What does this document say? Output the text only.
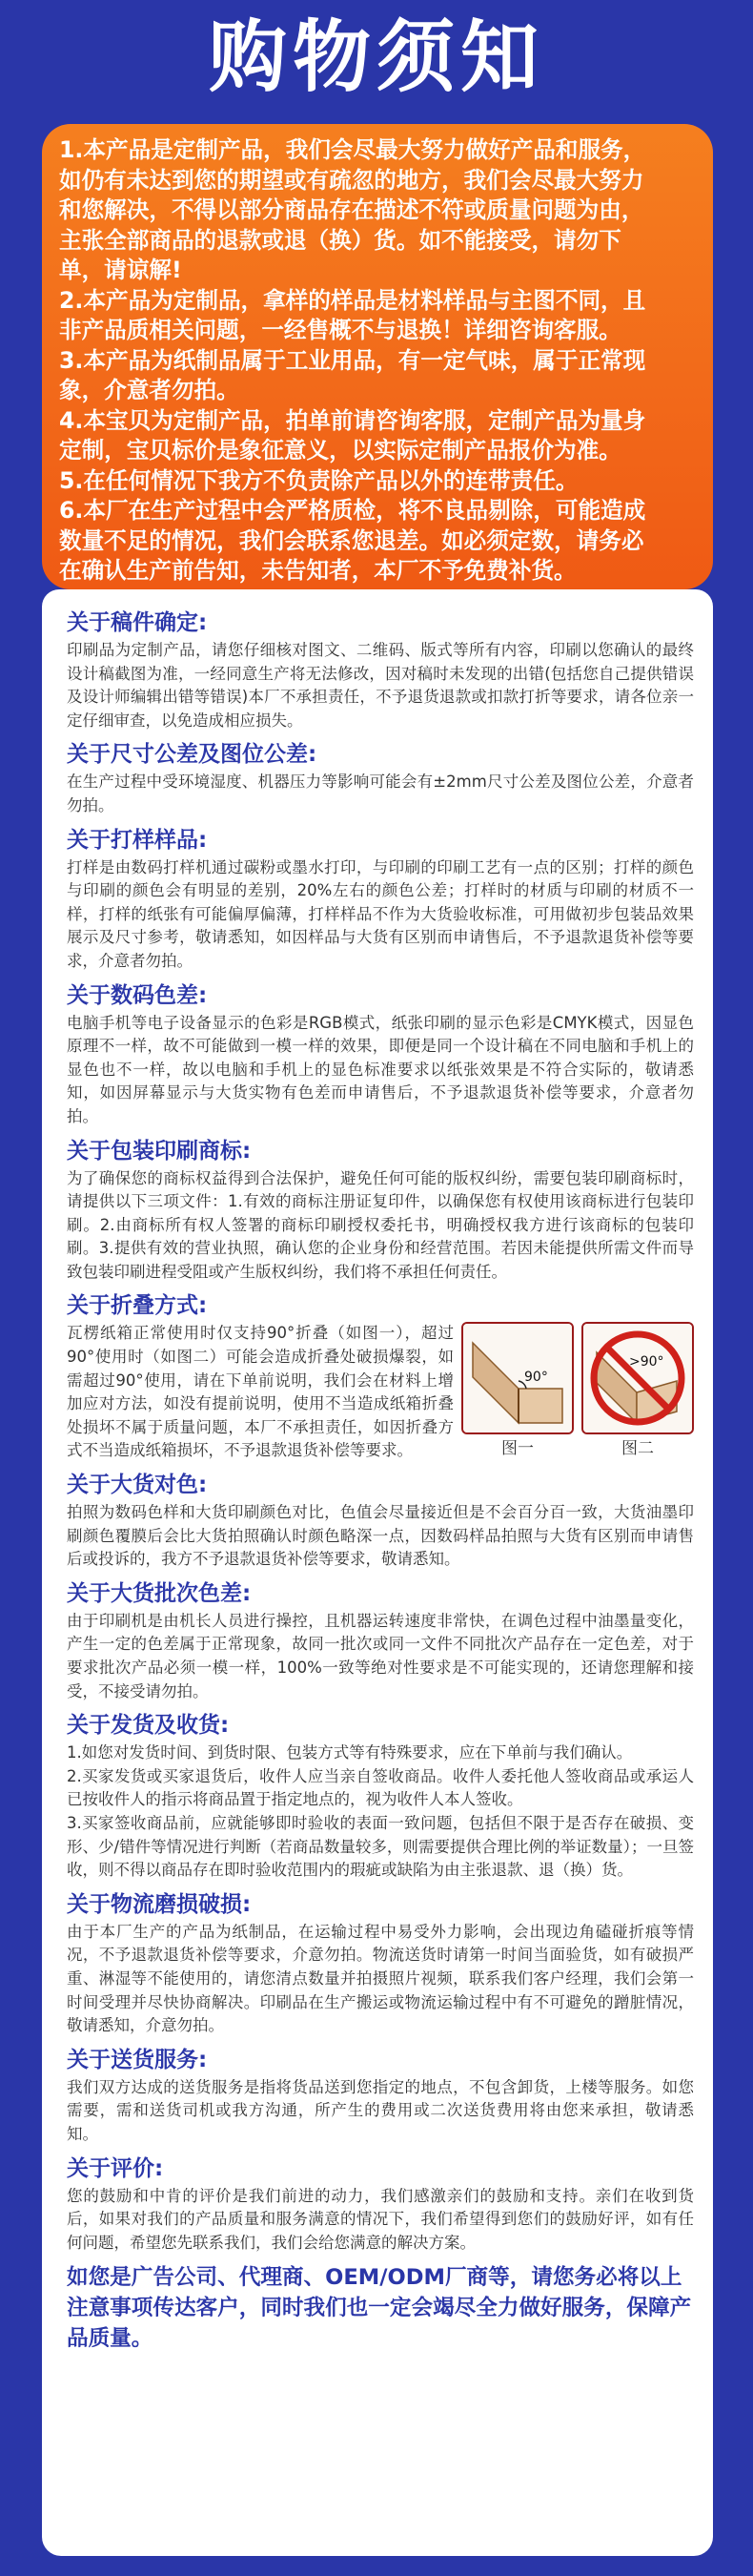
购物须知
1.本产品是定制产品，我们会尽最大努力做好产品和服务，
如仍有未达到您的期望或有疏忽的地方，我们会尽最大努力
和您解决，不得以部分商品存在描述不符或质量问题为由，
主张全部商品的退款或退（换）货。如不能接受，请勿下
单，请谅解!
2.本产品为定制品，拿样的样品是材料样品与主图不同，且
非产品质相关问题，一经售概不与退换！详细咨询客服。
3.本产品为纸制品属于工业用品，有一定气味，属于正常现
象，介意者勿拍。
4.本宝贝为定制产品，拍单前请咨询客服，定制产品为量身
定制，宝贝标价是象征意义，以实际定制产品报价为准。
5.在任何情况下我方不负责除产品以外的连带责任。
6.本厂在生产过程中会严格质检，将不良品剔除，可能造成
数量不足的情况，我们会联系您退差。如必须定数，请务必
在确认生产前告知，未告知者，本厂不予免费补货。
关于稿件确定:
印刷品为定制产品，请您仔细核对图文、二维码、版式等所有内容，印刷以您确认的最终设计稿截图为准，一经同意生产将无法修改，因对稿时未发现的出错(包括您自己提供错误及设计师编辑出错等错误)本厂不承担责任，不予退货退款或扣款打折等要求，请各位亲一定仔细审查，以免造成相应损失。
关于尺寸公差及图位公差:
在生产过程中受环境湿度、机器压力等影响可能会有±2mm尺寸公差及图位公差，介意者勿拍。
关于打样样品:
打样是由数码打样机通过碳粉或墨水打印，与印刷的印刷工艺有一点的区别；打样的颜色与印刷的颜色会有明显的差别，20%左右的颜色公差；打样时的材质与印刷的材质不一样，打样的纸张有可能偏厚偏薄，打样样品不作为大货验收标准，可用做初步包装品效果展示及尺寸参考，敬请悉知，如因样品与大货有区别而申请售后，不予退款退货补偿等要求，介意者勿拍。
关于数码色差:
电脑手机等电子设备显示的色彩是RGB模式，纸张印刷的显示色彩是CMYK模式，因显色原理不一样，故不可能做到一模一样的效果，即便是同一个设计稿在不同电脑和手机上的显色也不一样，故以电脑和手机上的显色标准要求以纸张效果是不符合实际的，敬请悉知，如因屏幕显示与大货实物有色差而申请售后，不予退款退货补偿等要求，介意者勿拍。
关于包装印刷商标:
为了确保您的商标权益得到合法保护，避免任何可能的版权纠纷，需要包装印刷商标时，请提供以下三项文件：1.有效的商标注册证复印件，以确保您有权使用该商标进行包装印刷。2.由商标所有权人签署的商标印刷授权委托书，明确授权我方进行该商标的包装印刷。3.提供有效的营业执照，确认您的企业身份和经营范围。若因未能提供所需文件而导致包装印刷进程受阻或产生版权纠纷，我们将不承担任何责任。
关于折叠方式:
瓦楞纸箱正常使用时仅支持90°折叠（如图一），超过90°使用时（如图二）可能会造成折叠处破损爆裂，如需超过90°使用，请在下单前说明，我们会在材料上增加应对方法，如没有提前说明，使用不当造成纸箱折叠处损坏不属于质量问题，本厂不承担责任，如因折叠方式不当造成纸箱损坏，不予退款退货补偿等要求。
90°
>90°
图一	图二
关于大货对色:
拍照为数码色样和大货印刷颜色对比，色值会尽量接近但是不会百分百一致，大货油墨印刷颜色覆膜后会比大货拍照确认时颜色略深一点，因数码样品拍照与大货有区别而申请售后或投诉的，我方不予退款退货补偿等要求，敬请悉知。
关于大货批次色差:
由于印刷机是由机长人员进行操控，且机器运转速度非常快，在调色过程中油墨量变化，产生一定的色差属于正常现象，故同一批次或同一文件不同批次产品存在一定色差，对于要求批次产品必须一模一样，100%一致等绝对性要求是不可能实现的，还请您理解和接受，不接受请勿拍。
关于发货及收货:
1.如您对发货时间、到货时限、包装方式等有特殊要求，应在下单前与我们确认。
2.买家发货或买家退货后，收件人应当亲自签收商品。收件人委托他人签收商品或承运人已按收件人的指示将商品置于指定地点的，视为收件人本人签收。
3.买家签收商品前，应就能够即时验收的表面一致问题，包括但不限于是否存在破损、变形、少/错件等情况进行判断（若商品数量较多，则需要提供合理比例的举证数量）；一旦签收，则不得以商品存在即时验收范围内的瑕疵或缺陷为由主张退款、退（换）货。
关于物流磨损破损:
由于本厂生产的产品为纸制品，在运输过程中易受外力影响，会出现边角磕碰折痕等情况，不予退款退货补偿等要求，介意勿拍。物流送货时请第一时间当面验货，如有破损严重、淋湿等不能使用的，请您清点数量并拍摄照片视频，联系我们客户经理，我们会第一时间受理并尽快协商解决。印刷品在生产搬运或物流运输过程中有不可避免的蹭脏情况，敬请悉知，介意勿拍。
关于送货服务:
我们双方达成的送货服务是指将货品送到您指定的地点，不包含卸货，上楼等服务。如您需要，需和送货司机或我方沟通，所产生的费用或二次送货费用将由您来承担，敬请悉知。
关于评价:
您的鼓励和中肯的评价是我们前进的动力，我们感激亲们的鼓励和支持。亲们在收到货后，如果对我们的产品质量和服务满意的情况下，我们希望得到您们的鼓励好评，如有任何问题，希望您先联系我们，我们会给您满意的解决方案。
如您是广告公司、代理商、OEM/ODM厂商等，请您务必将以上注意事项传达客户，同时我们也一定会竭尽全力做好服务，保障产品质量。
